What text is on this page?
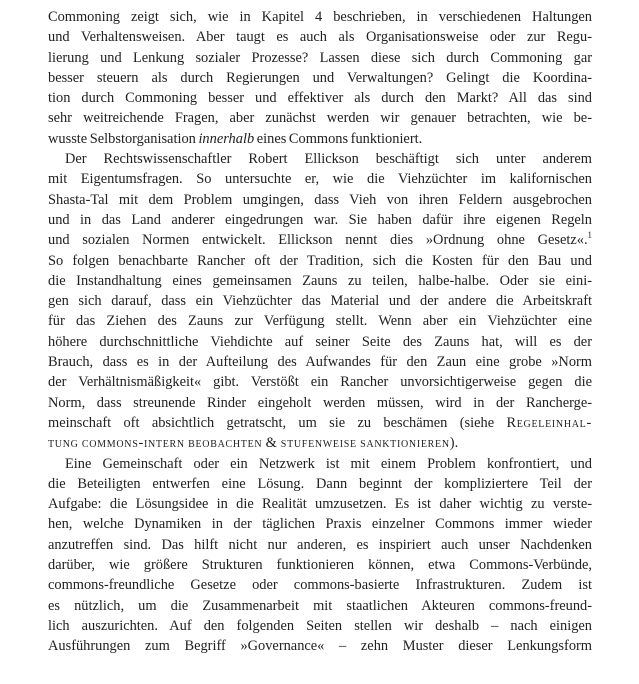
Commoning zeigt sich, wie in Kapitel 4 beschrieben, in verschiedenen Haltungen
und Verhaltensweisen. Aber taugt es auch als Organisationsweise oder zur Regu-
lierung und Lenkung sozialer Prozesse? Lassen diese sich durch Commoning gar
besser steuern als durch Regierungen und Verwaltungen? Gelingt die Koordina-
tion durch Commoning besser und effektiver als durch den Markt? All das sind
sehr weitreichende Fragen, aber zunächst werden wir genauer betrachten, wie be-
wusste Selbstorganisation innerhalb eines Commons funktioniert.
Der Rechtswissenschaftler Robert Ellickson beschäftigt sich unter anderem
mit Eigentumsfragen. So untersuchte er, wie die Viehzüchter im kalifornischen
Shasta-Tal mit dem Problem umgingen, dass Vieh von ihren Feldern ausgebrochen
und in das Land anderer eingedrungen war. Sie haben dafür ihre eigenen Regeln
und sozialen Normen entwickelt. Ellickson nennt dies »Ordnung ohne Gesetz«.$^1$
So folgen benachbarte Rancher oft der Tradition, sich die Kosten für den Bau und
die Instandhaltung eines gemeinsamen Zauns zu teilen, halbe-halbe. Oder sie eini-
gen sich darauf, dass ein Viehzüchter das Material und der andere die Arbeitskraft
für das Ziehen des Zauns zur Verfügung stellt. Wenn aber ein Viehzüchter eine
höhere durchschnittliche Viehdichte auf seiner Seite des Zauns hat, will es der
Brauch, dass es in der Aufteilung des Aufwandes für den Zaun eine grobe »Norm
der Verhältnismäßigkeit« gibt. Verstößt ein Rancher unvorsichtigerweise gegen die
Norm, dass streunende Rinder eingeholt werden müssen, wird in der Rancherge-
meinschaft oft absichtlich getratscht, um sie zu beschämen (siehe Regeleinhal-
tung commons-intern beobachten & stufenweise sanktionieren).
Eine Gemeinschaft oder ein Netzwerk ist mit einem Problem konfrontiert, und
die Beteiligten entwerfen eine Lösung. Dann beginnt der kompliziertere Teil der
Aufgabe: die Lösungsidee in die Realität umzusetzen. Es ist daher wichtig zu verste-
hen, welche Dynamiken in der täglichen Praxis einzelner Commons immer wieder
anzutreffen sind. Das hilft nicht nur anderen, es inspiriert auch unser Nachdenken
darüber, wie größere Strukturen funktionieren können, etwa Commons-Verbünde,
commons-freundliche Gesetze oder commons-basierte Infrastrukturen. Zudem ist
es nützlich, um die Zusammenarbeit mit staatlichen Akteuren commons-freund-
lich auszurichten. Auf den folgenden Seiten stellen wir deshalb – nach einigen
Ausführungen zum Begriff »Governance« – zehn Muster dieser Lenkungsform
